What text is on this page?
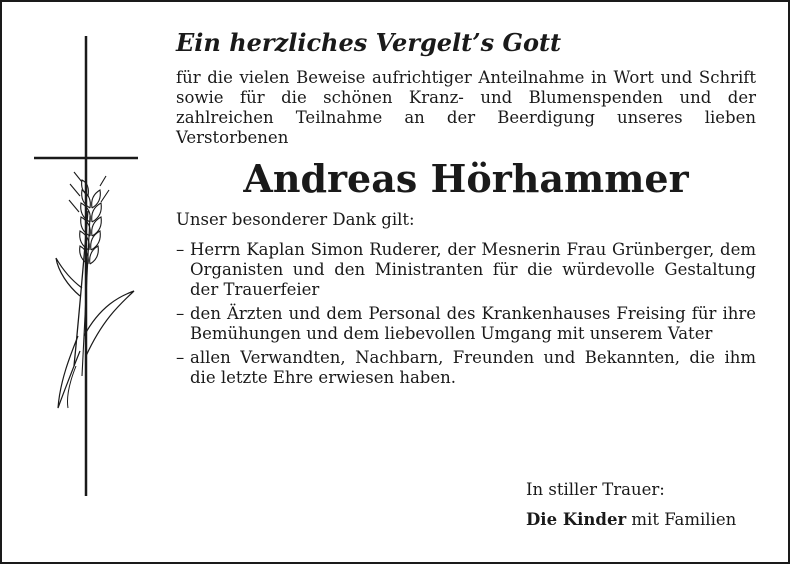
Ein herzliches Vergelt’s Gott

für die vielen Beweise aufrichtiger Anteilnahme in Wort und Schrift sowie für die schönen Kranz- und Blumenspenden und der zahlreichen Teilnahme an der Beerdigung unseres lieben Verstorbenen

Andreas Hörhammer

Unser besonderer Dank gilt:

– Herrn Kaplan Simon Ruderer, der Mesnerin Frau Grünberger, dem Organisten und den Ministranten für die würdevolle Gestaltung der Trauerfeier
– den Ärzten und dem Personal des Krankenhauses Freising für ihre Bemühungen und dem liebevollen Umgang mit unserem Vater
– allen Verwandten, Nachbarn, Freunden und Bekannten, die ihm die letzte Ehre erwiesen haben.
In stiller Trauer:
Die Kinder mit Familien
